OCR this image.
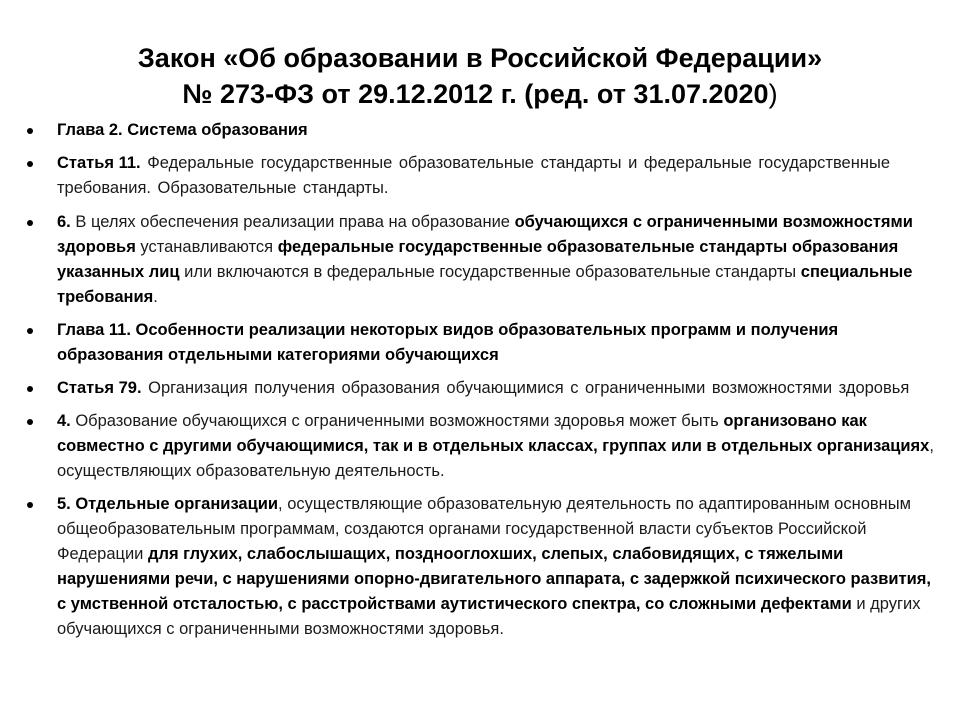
Закон «Об образовании в Российской Федерации»
№ 273-ФЗ от 29.12.2012 г. (ред. от 31.07.2020)
Глава 2. Система образования
Статья 11. Федеральные государственные образовательные стандарты и федеральные государственные требования. Образовательные стандарты.
6. В целях обеспечения реализации права на образование обучающихся с ограниченными возможностями здоровья устанавливаются федеральные государственные образовательные стандарты образования указанных лиц или включаются в федеральные государственные образовательные стандарты специальные требования.
Глава 11. Особенности реализации некоторых видов образовательных программ и получения образования отдельными категориями обучающихся
Статья 79. Организация получения образования обучающимися с ограниченными возможностями здоровья
4. Образование обучающихся с ограниченными возможностями здоровья может быть организовано как совместно с другими обучающимися, так и в отдельных классах, группах или в отдельных организациях, осуществляющих образовательную деятельность.
5. Отдельные организации, осуществляющие образовательную деятельность по адаптированным основным общеобразовательным программам, создаются органами государственной власти субъектов Российской Федерации для глухих, слабослышащих, позднооглохших, слепых, слабовидящих, с тяжелыми нарушениями речи, с нарушениями опорно-двигательного аппарата, с задержкой психического развития, с умственной отсталостью, с расстройствами аутистического спектра, со сложными дефектами и других обучающихся с ограниченными возможностями здоровья.
